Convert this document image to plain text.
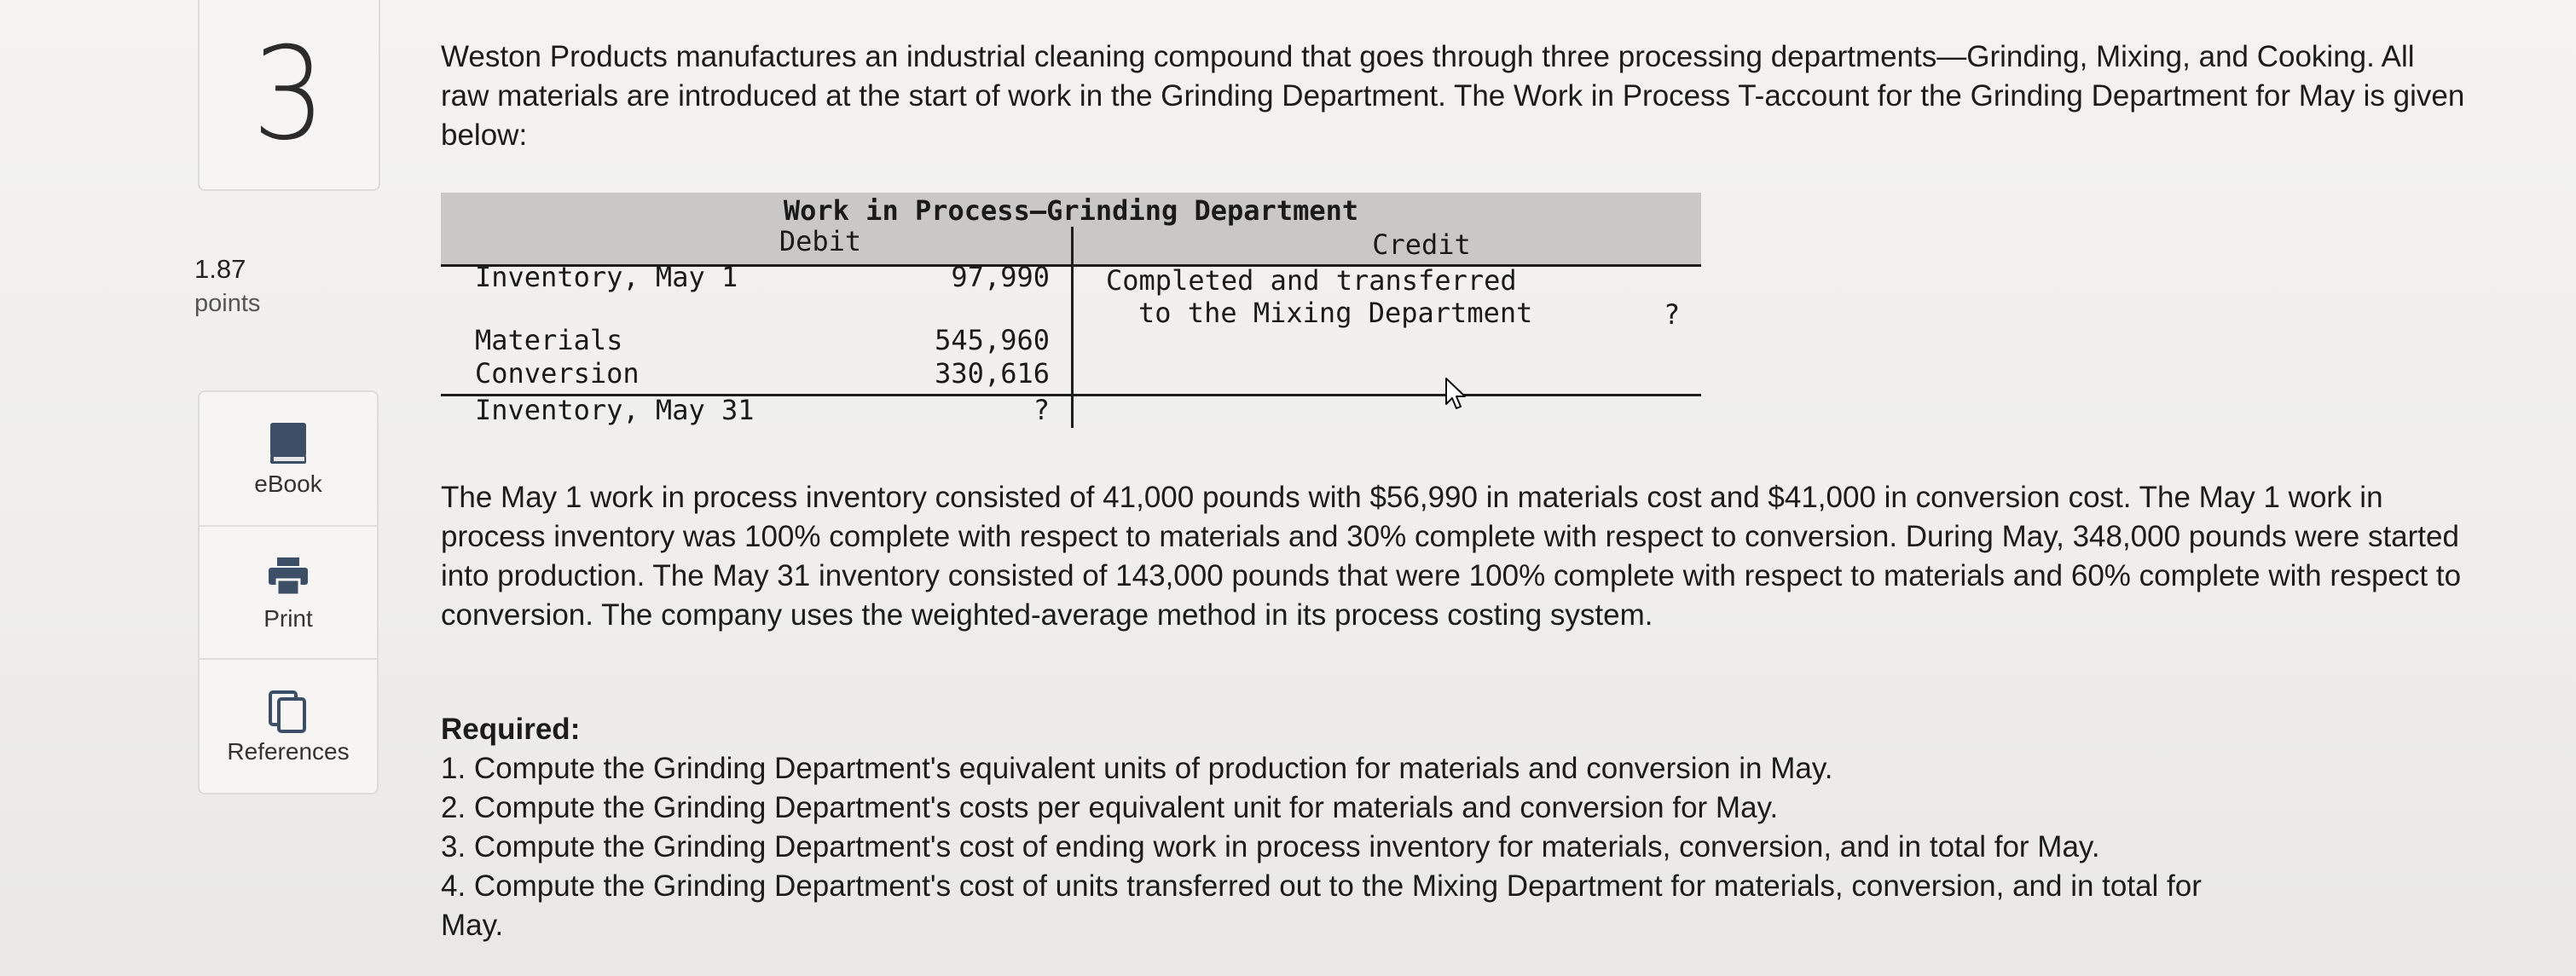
3
1.87
points
eBook
Print
References
Weston Products manufactures an industrial cleaning compound that goes through three processing departments—Grinding, Mixing, and Cooking. All raw materials are introduced at the start of work in the Grinding Department. The Work in Process T-account for the Grinding Department for May is given below:
Work in Process—Grinding Department
Debit	Credit
Inventory, May 1	97,990
Materials	545,960
Conversion	330,616
Inventory, May 31	?
Completed and transferred
to the Mixing Department	?
The May 1 work in process inventory consisted of 41,000 pounds with $56,990 in materials cost and $41,000 in conversion cost. The May 1 work in process inventory was 100% complete with respect to materials and 30% complete with respect to conversion. During May, 348,000 pounds were started into production. The May 31 inventory consisted of 143,000 pounds that were 100% complete with respect to materials and 60% complete with respect to conversion. The company uses the weighted-average method in its process costing system.
Required:
1. Compute the Grinding Department's equivalent units of production for materials and conversion in May.
2. Compute the Grinding Department's costs per equivalent unit for materials and conversion for May.
3. Compute the Grinding Department's cost of ending work in process inventory for materials, conversion, and in total for May.
4. Compute the Grinding Department's cost of units transferred out to the Mixing Department for materials, conversion, and in total for
May.
